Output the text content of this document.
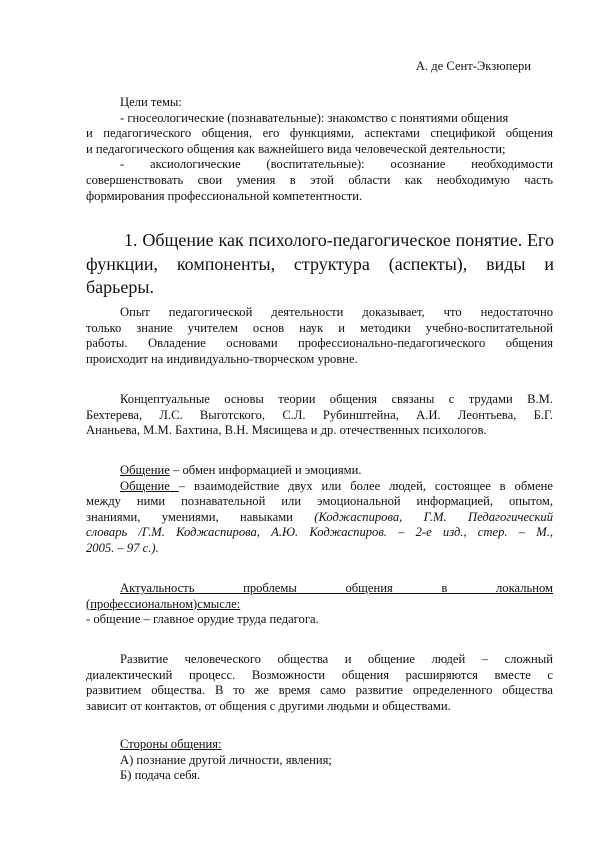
А. де Сент-Экзюпери
Цели темы:
- гносеологические (познавательные): знакомство с понятиями общения
и педагогического общения, его функциями, аспектами спецификой общения
и педагогического общения как важнейшего вида человеческой деятельности;
- аксиологические (воспитательные): осознание необходимости
совершенствовать свои умения в этой области как необходимую часть
формирования профессиональной компетентности.
1. Общение как психолого-педагогическое понятие. Его
функции, компоненты, структура (аспекты), виды и
барьеры.
Опыт педагогической деятельности доказывает, что недостаточно
только знание учителем основ наук и методики учебно-воспитательной
работы. Овладение основами профессионально-педагогического общения
происходит на индивидуально-творческом уровне.
Концептуальные основы теории общения связаны с трудами В.М.
Бехтерева, Л.С. Выготского, С.Л. Рубинштейна, А.И. Леонтьева, Б.Г.
Ананьева, М.М. Бахтина, В.Н. Мясищева и др. отечественных психологов.
Общение – обмен информацией и эмоциями.
Общение – взаимодействие двух или более людей, состоящее в обмене
между ними познавательной или эмоциональной информацией, опытом,
знаниями, умениями, навыками (Коджаспирова, Г.М. Педагогический
словарь /Г.М. Коджаспирова, А.Ю. Коджаспиров. – 2-е изд., стер. – М.,
2005. – 97 с.).
Актуальность проблемы общения в локальном
(профессиональном)смысле:
- общение – главное орудие труда педагога.
Развитие человеческого общества и общение людей – сложный
диалектический процесс. Возможности общения расширяются вместе с
развитием общества. В то же время само развитие определенного общества
зависит от контактов, от общения с другими людьми и обществами.
Стороны общения:
А) познание другой личности, явления;
Б) подача себя.
